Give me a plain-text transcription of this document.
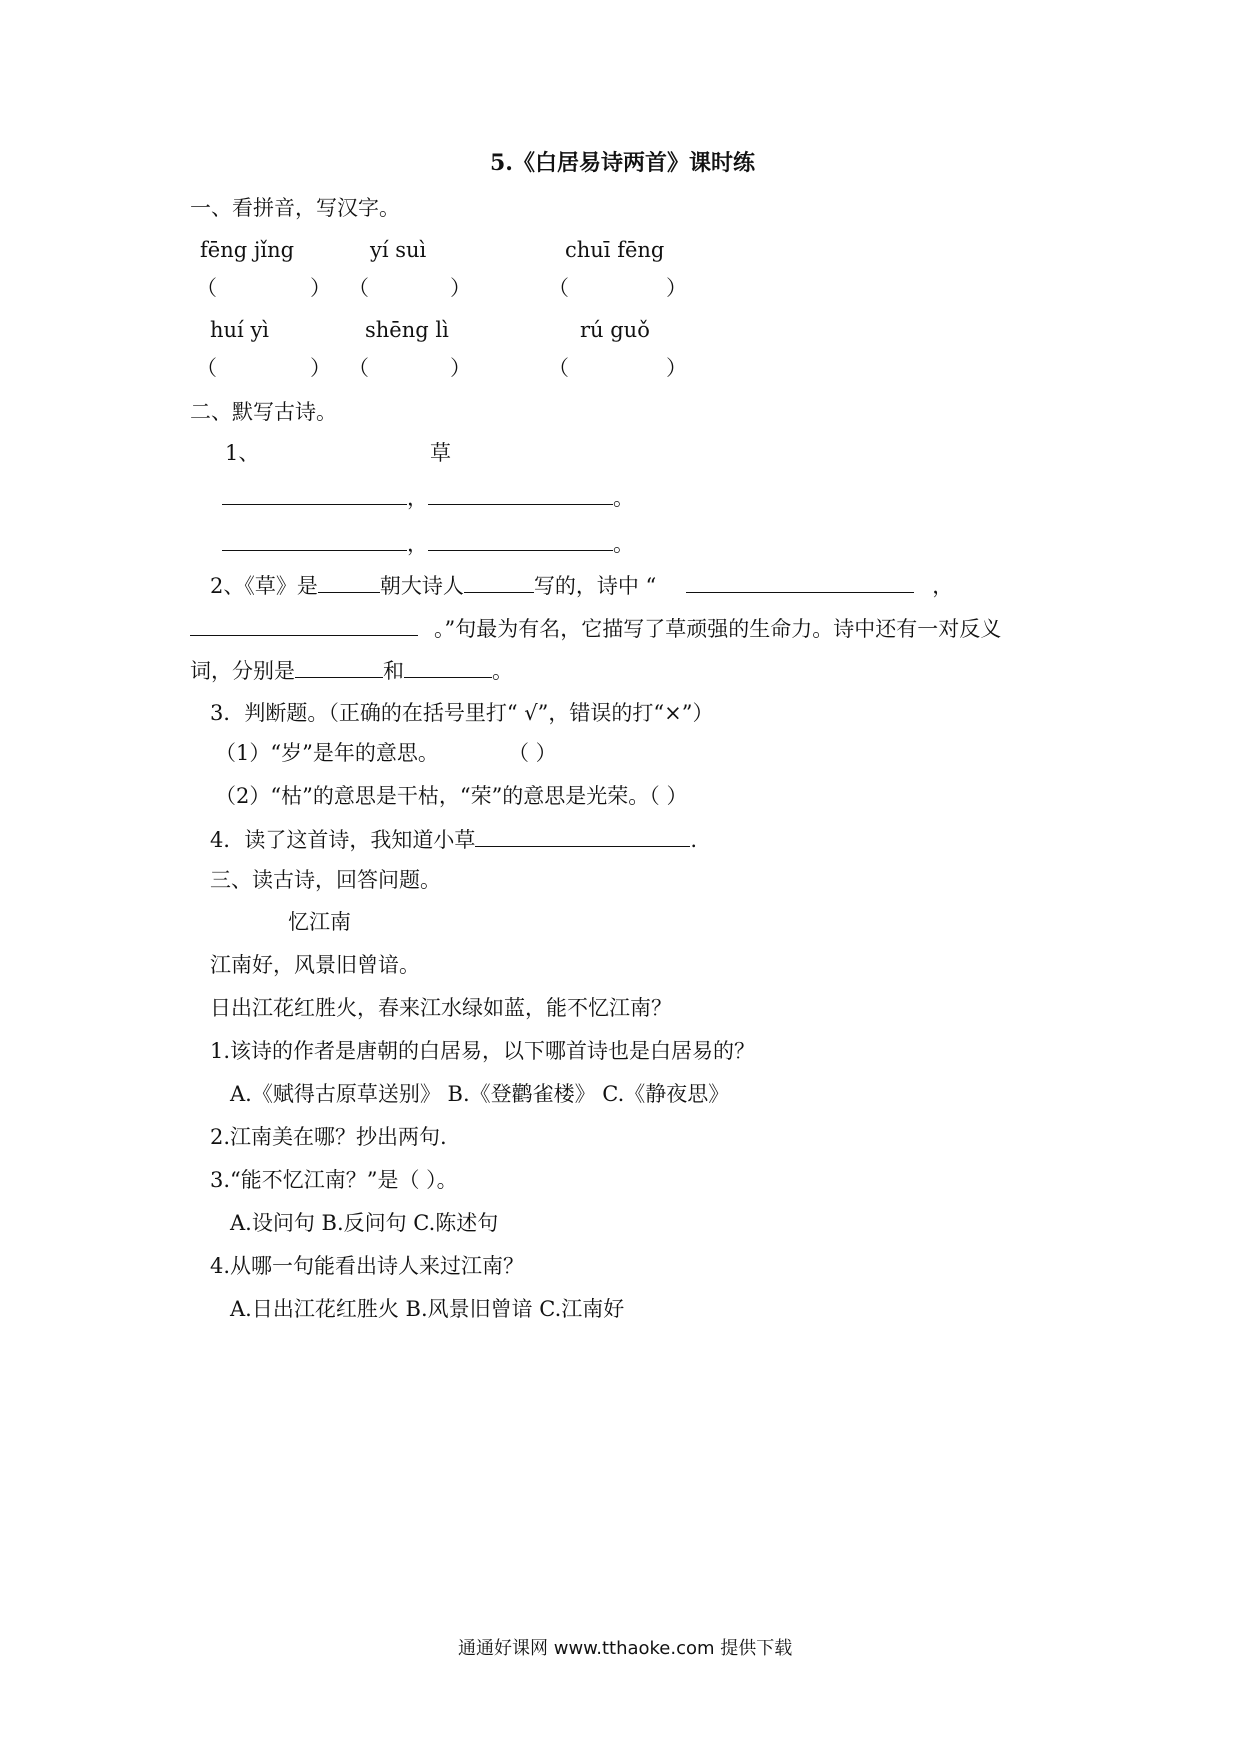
5.《白居易诗两首》课时练
一、看拼音，写汉字。
fēng jǐng	yí suì	chuī fēng
（	） （	）	（	）
huí yì	shēng lì	rú guǒ
（	） （	）	（	）
二、默写古诗。
1、	草
，	。
，	。
2、《草》是	朝大诗人	写的，诗中 “	，
。”句最为有名，它描写了草顽强的生命力。诗中还有一对反义
词，分别是	和	。
3．判断题。（正确的在括号里打“ √”，错误的打“×”）
（1）“岁”是年的意思。	（ ）
（2）“枯”的意思是干枯，“荣”的意思是光荣。（ ）
4．读了这首诗，我知道小草	.
三、读古诗，回答问题。
忆江南
江南好，风景旧曾谙。
日出江花红胜火，春来江水绿如蓝，能不忆江南？
1.该诗的作者是唐朝的白居易，以下哪首诗也是白居易的？
A.《赋得古原草送别》 B.《登鹳雀楼》 C.《静夜思》
2.江南美在哪？抄出两句.
3.“能不忆江南？”是（ ）。
A.设问句 B.反问句 C.陈述句
4.从哪一句能看出诗人来过江南？
A.日出江花红胜火 B.风景旧曾谙 C.江南好
通通好课网 www.tthaoke.com 提供下载
